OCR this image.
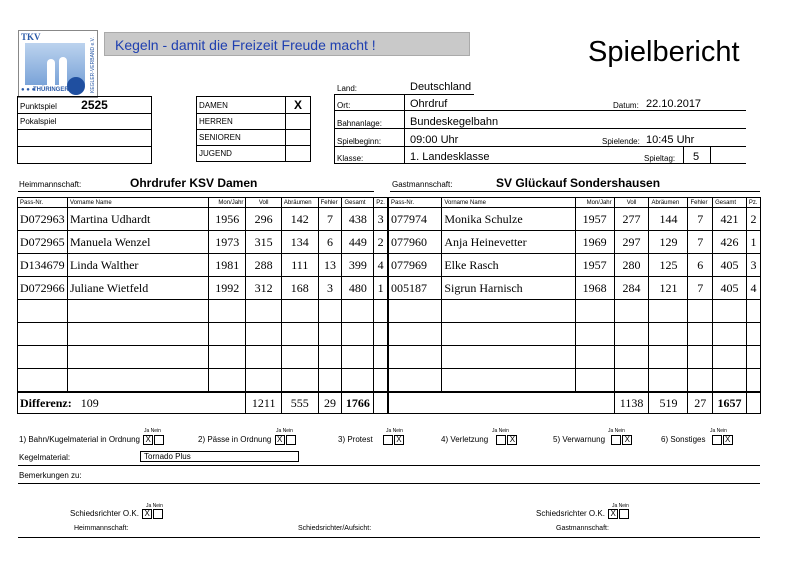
TKV
● ● ●
THÜRINGER	KEGLER-VERBAND e.V.	Kegeln - damit die Freizeit Freude macht !	Spielbericht
Punktspiel 2525
Pokalspiel

DAMEN	X
HERREN	
SENIOREN	
JUGEND	
Land:	Deutschland
Ort:	Ohrdruf
Bahnanlage:	Bundeskegelbahn
Spielbeginn:	09:00 Uhr
Klasse:	1. Landesklasse
Datum: 22.10.2017
Spielende: 10:45 Uhr
Spieltag: 5
Heimmannschaft:	Ohrdrufer KSV Damen	Gastmannschaft:	SV Glückauf Sondershausen
Pass-Nr.	Vorname Name	Mon/Jahr	Voll	Abräumen	Fehler	Gesamt	Pz.
D072963	Martina Udhardt	1956	296	142	7	438	3
D072965	Manuela Wenzel	1973	315	134	6	449	2
D134679	Linda Walther	1981	288	111	13	399	4
D072966	Juliane Wietfeld	1992	312	168	3	480	1

Differenz: 109			1211	555	29	1766	
Pass-Nr.	Vorname Name	Mon/Jahr	Voll	Abräumen	Fehler	Gesamt	Pz.
077974	Monika Schulze	1957	277	144	7	421	2
077960	Anja Heinevetter	1969	297	129	7	426	1
077969	Elke Rasch	1957	280	125	6	405	3
005187	Sigrun Harnisch	1968	284	121	7	405	4

			1138	519	27	1657	
Ja Nein	Ja Nein	Ja Nein	Ja Nein	Ja Nein	Ja Nein
1) Bahn/Kugelmaterial in Ordnung X	2) Pässe in Ordnung X	3) Protest	X	4) Verletzung	X	5) Verwarnung X	6) Sonstiges X
Kegelmaterial:	Tornado Plus
Bemerkungen zu:
Ja Nein
Schiedsrichter O.K. X
Ja Nein
Schiedsrichter O.K. X
Heimmannschaft:	Schiedsrichter/Aufsicht:	Gastmannschaft:
